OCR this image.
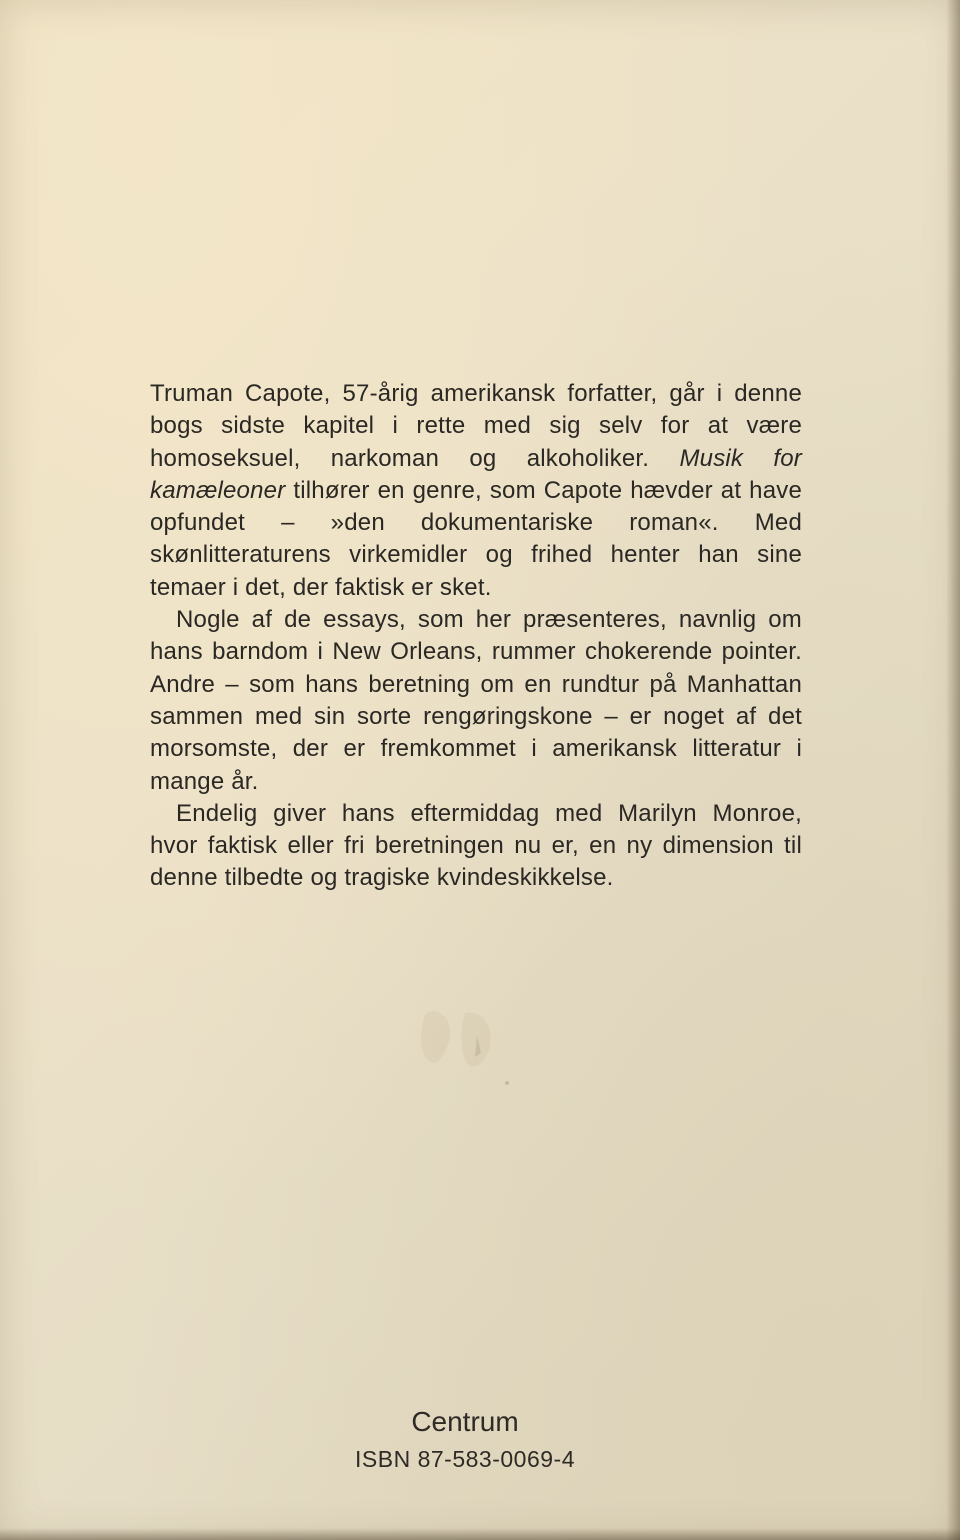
Truman Capote, 57-årig amerikansk forfatter, går i denne bogs sidste kapitel i rette med sig selv for at være homoseksuel, narkoman og alkoholiker. Musik for kamæleoner tilhører en genre, som Capote hævder at have opfundet – »den dokumentariske roman«. Med skønlitteraturens virkemidler og frihed henter han sine temaer i det, der faktisk er sket.

Nogle af de essays, som her præsenteres, navnlig om hans barndom i New Orleans, rummer chokerende pointer. Andre – som hans beretning om en rundtur på Manhattan sammen med sin sorte rengøringskone – er noget af det morsomste, der er fremkommet i amerikansk litteratur i mange år.

Endelig giver hans eftermiddag med Marilyn Monroe, hvor faktisk eller fri beretningen nu er, en ny dimension til denne tilbedte og tragiske kvindeskikkelse.

Centrum
ISBN 87-583-0069-4
